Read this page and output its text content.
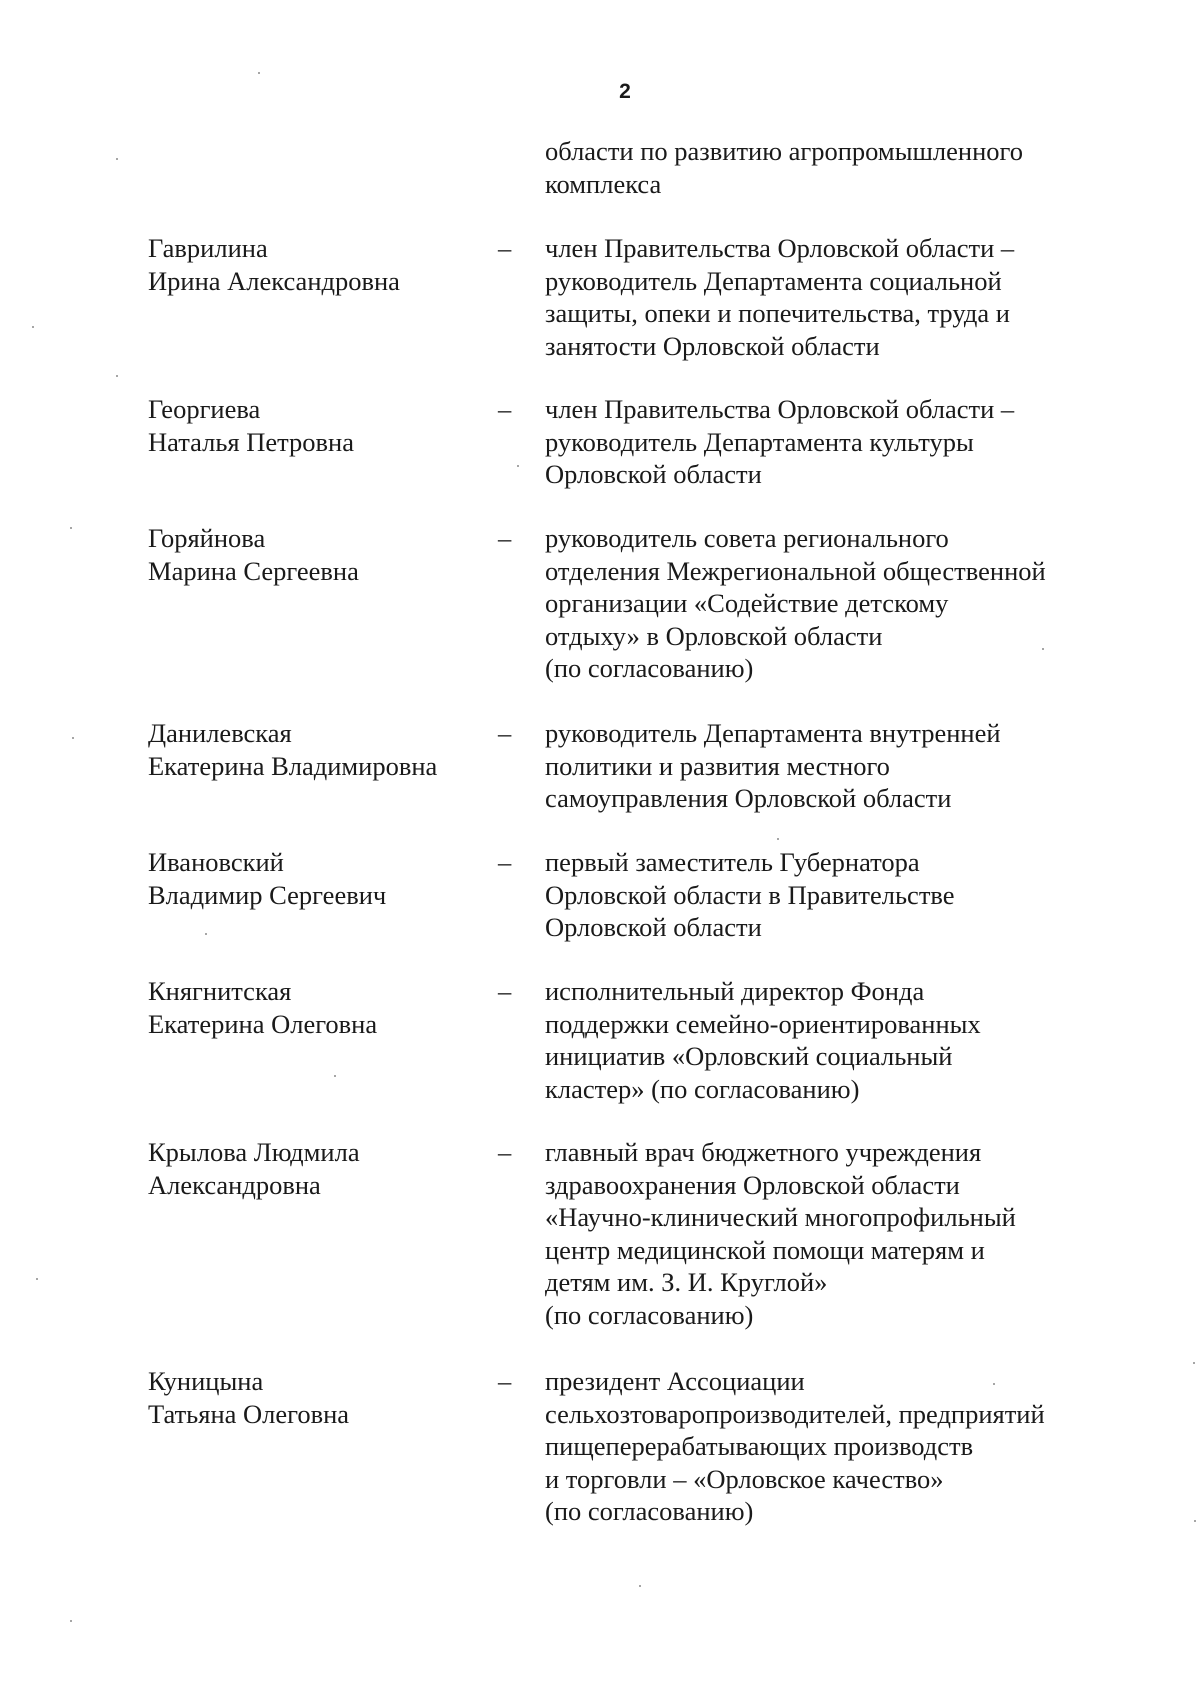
2
области по развитию агропромышленного
комплекса
Гаврилина
Ирина Александровна
– член Правительства Орловской области –
руководитель Департамента социальной
защиты, опеки и попечительства, труда и
занятости Орловской области
Георгиева
Наталья Петровна
– член Правительства Орловской области –
руководитель Департамента культуры
Орловской области
Горяйнова
Марина Сергеевна
– руководитель совета регионального
отделения Межрегиональной общественной
организации «Содействие детскому
отдыху» в Орловской области
(по согласованию)
Данилевская
Екатерина Владимировна
– руководитель Департамента внутренней
политики и развития местного
самоуправления Орловской области
Ивановский
Владимир Сергеевич
– первый заместитель Губернатора
Орловской области в Правительстве
Орловской области
Княгнитская
Екатерина Олеговна
– исполнительный директор Фонда
поддержки семейно-ориентированных
инициатив «Орловский социальный
кластер» (по согласованию)
Крылова Людмила
Александровна
– главный врач бюджетного учреждения
здравоохранения Орловской области
«Научно-клинический многопрофильный
центр медицинской помощи матерям и
детям им. З. И. Круглой»
(по согласованию)
Куницына
Татьяна Олеговна
– президент Ассоциации
сельхозтоваропроизводителей, предприятий
пищеперерабатывающих производств
и торговли – «Орловское качество»
(по согласованию)
